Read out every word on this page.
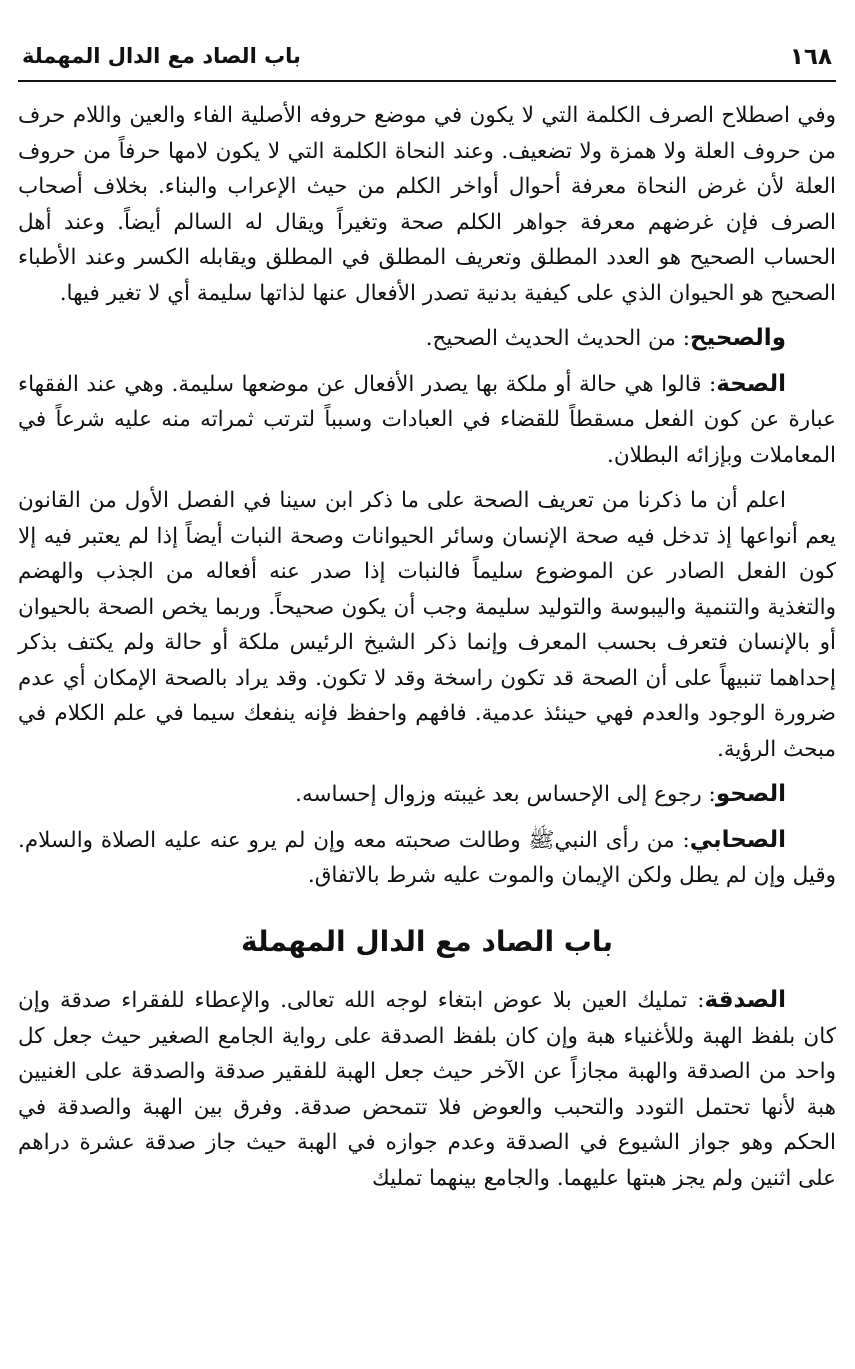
١٦٨
باب الصاد مع الدال المهملة

وفي اصطلاح الصرف الكلمة التي لا يكون في موضع حروفه الأصلية الفاء والعين واللام حرف من حروف العلة ولا همزة ولا تضعيف. وعند النحاة الكلمة التي لا يكون لامها حرفاً من حروف العلة لأن غرض النحاة معرفة أحوال أواخر الكلم من حيث الإعراب والبناء. بخلاف أصحاب الصرف فإن غرضهم معرفة جواهر الكلم صحة وتغيراً ويقال له السالم أيضاً. وعند أهل الحساب الصحيح هو العدد المطلق وتعريف المطلق في المطلق ويقابله الكسر وعند الأطباء الصحيح هو الحيوان الذي على كيفية بدنية تصدر الأفعال عنها لذاتها سليمة أي لا تغير فيها.

والصحيح: من الحديث الحديث الصحيح.

الصحة: قالوا هي حالة أو ملكة بها يصدر الأفعال عن موضعها سليمة. وهي عند الفقهاء عبارة عن كون الفعل مسقطاً للقضاء في العبادات وسبباً لترتب ثمراته منه عليه شرعاً في المعاملات وبإزائه البطلان.

اعلم أن ما ذكرنا من تعريف الصحة على ما ذكر ابن سينا في الفصل الأول من القانون يعم أنواعها إذ تدخل فيه صحة الإنسان وسائر الحيوانات وصحة النبات أيضاً إذا لم يعتبر فيه إلا كون الفعل الصادر عن الموضوع سليماً فالنبات إذا صدر عنه أفعاله من الجذب والهضم والتغذية والتنمية واليبوسة والتوليد سليمة وجب أن يكون صحيحاً. وربما يخص الصحة بالحيوان أو بالإنسان فتعرف بحسب المعرف وإنما ذكر الشيخ الرئيس ملكة أو حالة ولم يكتف بذكر إحداهما تنبيهاً على أن الصحة قد تكون راسخة وقد لا تكون. وقد يراد بالصحة الإمكان أي عدم ضرورة الوجود والعدم فهي حينئذ عدمية. فافهم واحفظ فإنه ينفعك سيما في علم الكلام في مبحث الرؤية.

الصحو: رجوع إلى الإحساس بعد غيبته وزوال إحساسه.

الصحابي: من رأى النبيﷺ وطالت صحبته معه وإن لم يرو عنه عليه الصلاة والسلام. وقيل وإن لم يطل ولكن الإيمان والموت عليه شرط بالاتفاق.

باب الصاد مع الدال المهملة

الصدقة: تمليك العين بلا عوض ابتغاء لوجه الله تعالى. والإعطاء للفقراء صدقة وإن كان بلفظ الهبة وللأغنياء هبة وإن كان بلفظ الصدقة على رواية الجامع الصغير حيث جعل كل واحد من الصدقة والهبة مجازاً عن الآخر حيث جعل الهبة للفقير صدقة والصدقة على الغنيين هبة لأنها تحتمل التودد والتحبب والعوض فلا تتمحض صدقة. وفرق بين الهبة والصدقة في الحكم وهو جواز الشيوع في الصدقة وعدم جوازه في الهبة حيث جاز صدقة عشرة دراهم على اثنين ولم يجز هبتها عليهما. والجامع بينهما تمليك
